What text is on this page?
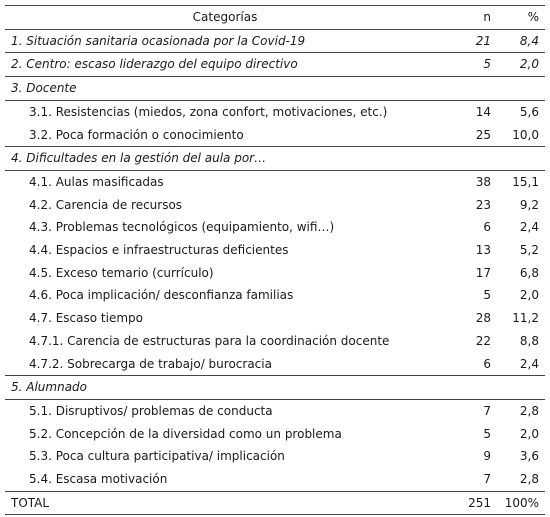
Categorías	n	%
1. Situación sanitaria ocasionada por la Covid-19	21	8,4
2. Centro: escaso liderazgo del equipo directivo	5	2,0
3. Docente		
3.1. Resistencias (miedos, zona confort, motivaciones, etc.)	14	5,6
3.2. Poca formación o conocimiento	25	10,0
4. Dificultades en la gestión del aula por…		
4.1. Aulas masificadas	38	15,1
4.2. Carencia de recursos	23	9,2
4.3. Problemas tecnológicos (equipamiento, wifi…)	6	2,4
4.4. Espacios e infraestructuras deficientes	13	5,2
4.5. Exceso temario (currículo)	17	6,8
4.6. Poca implicación/ desconfianza familias	5	2,0
4.7. Escaso tiempo	28	11,2
4.7.1. Carencia de estructuras para la coordinación docente	22	8,8
4.7.2. Sobrecarga de trabajo/ burocracia	6	2,4
5. Alumnado		
5.1. Disruptivos/ problemas de conducta	7	2,8
5.2. Concepción de la diversidad como un problema	5	2,0
5.3. Poca cultura participativa/ implicación	9	3,6
5.4. Escasa motivación	7	2,8
TOTAL	251	100%
